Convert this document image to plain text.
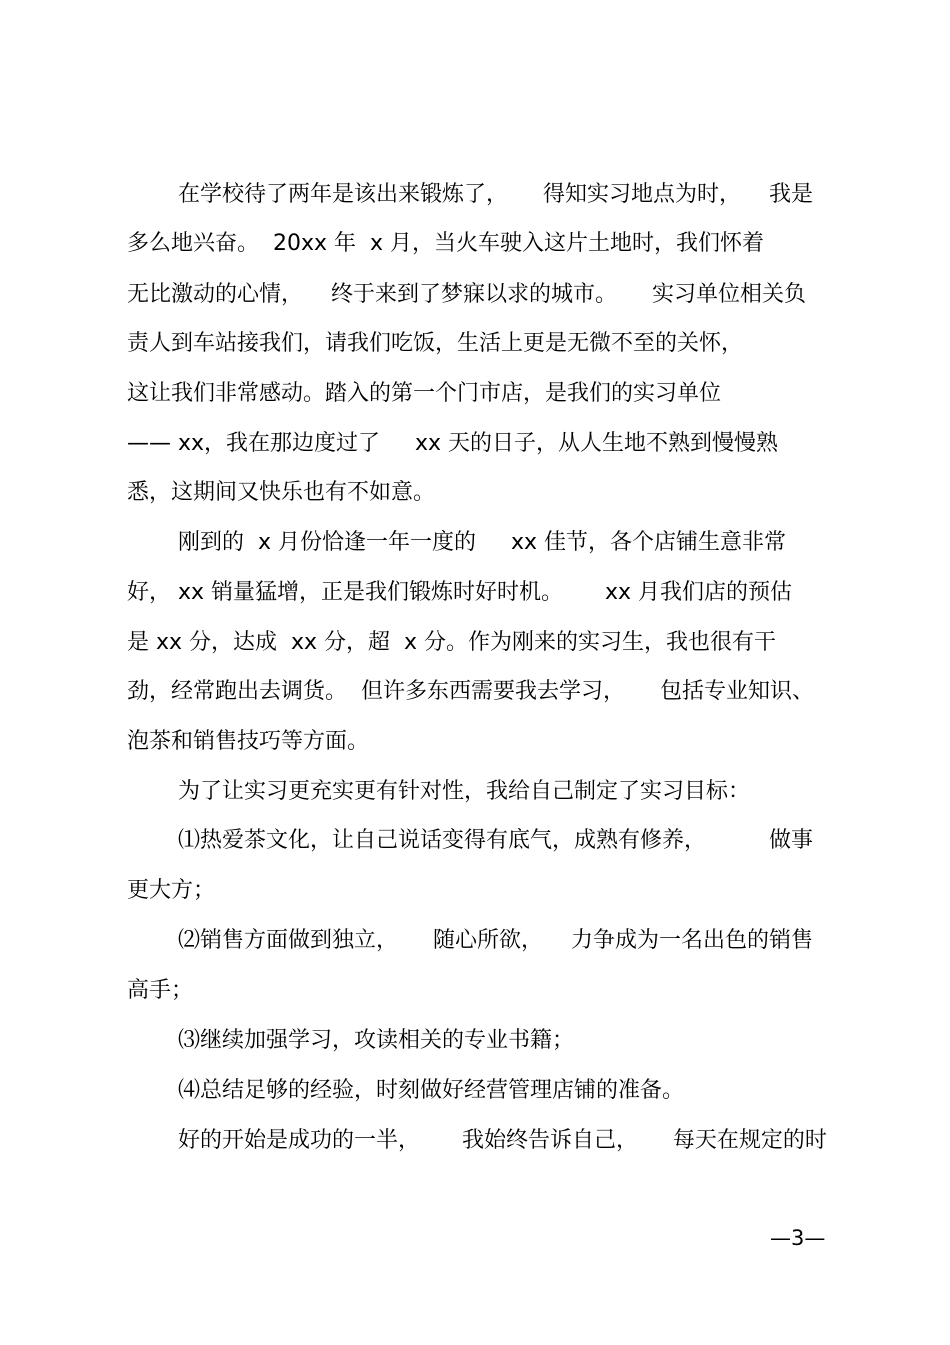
在学校待了两年是该出来锻炼了，     得知实习地点为时，    我是

多么地兴奋。  20xx 年  x 月，当火车驶入这片土地时，我们怀着

无比激动的心情，    终于来到了梦寐以求的城市。     实习单位相关负

责人到车站接我们，请我们吃饭，生活上更是无微不至的关怀，

这让我们非常感动。踏入的第一个门市店，是我们的实习单位

—— xx，我在那边度过了     xx 天的日子，从人生地不熟到慢慢熟

悉，这期间又快乐也有不如意。

刚到的  x 月份恰逢一年一度的     xx 佳节，各个店铺生意非常

好， xx 销量猛增，正是我们锻炼时好时机。      xx 月我们店的预估

是 xx 分，达成  xx 分，超  x 分。作为刚来的实习生，我也很有干

劲，经常跑出去调货。  但许多东西需要我去学习，     包括专业知识、

泡茶和销售技巧等方面。

为了让实习更充实更有针对性，我给自己制定了实习目标：

⑴热爱茶文化，让自己说话变得有底气，成熟有修养，         做事

更大方；

⑵销售方面做到独立，     随心所欲，    力争成为一名出色的销售

高手；

⑶继续加强学习，攻读相关的专业书籍；

⑷总结足够的经验，时刻做好经营管理店铺的准备。

好的开始是成功的一半，      我始终告诉自己，     每天在规定的时

—3—
